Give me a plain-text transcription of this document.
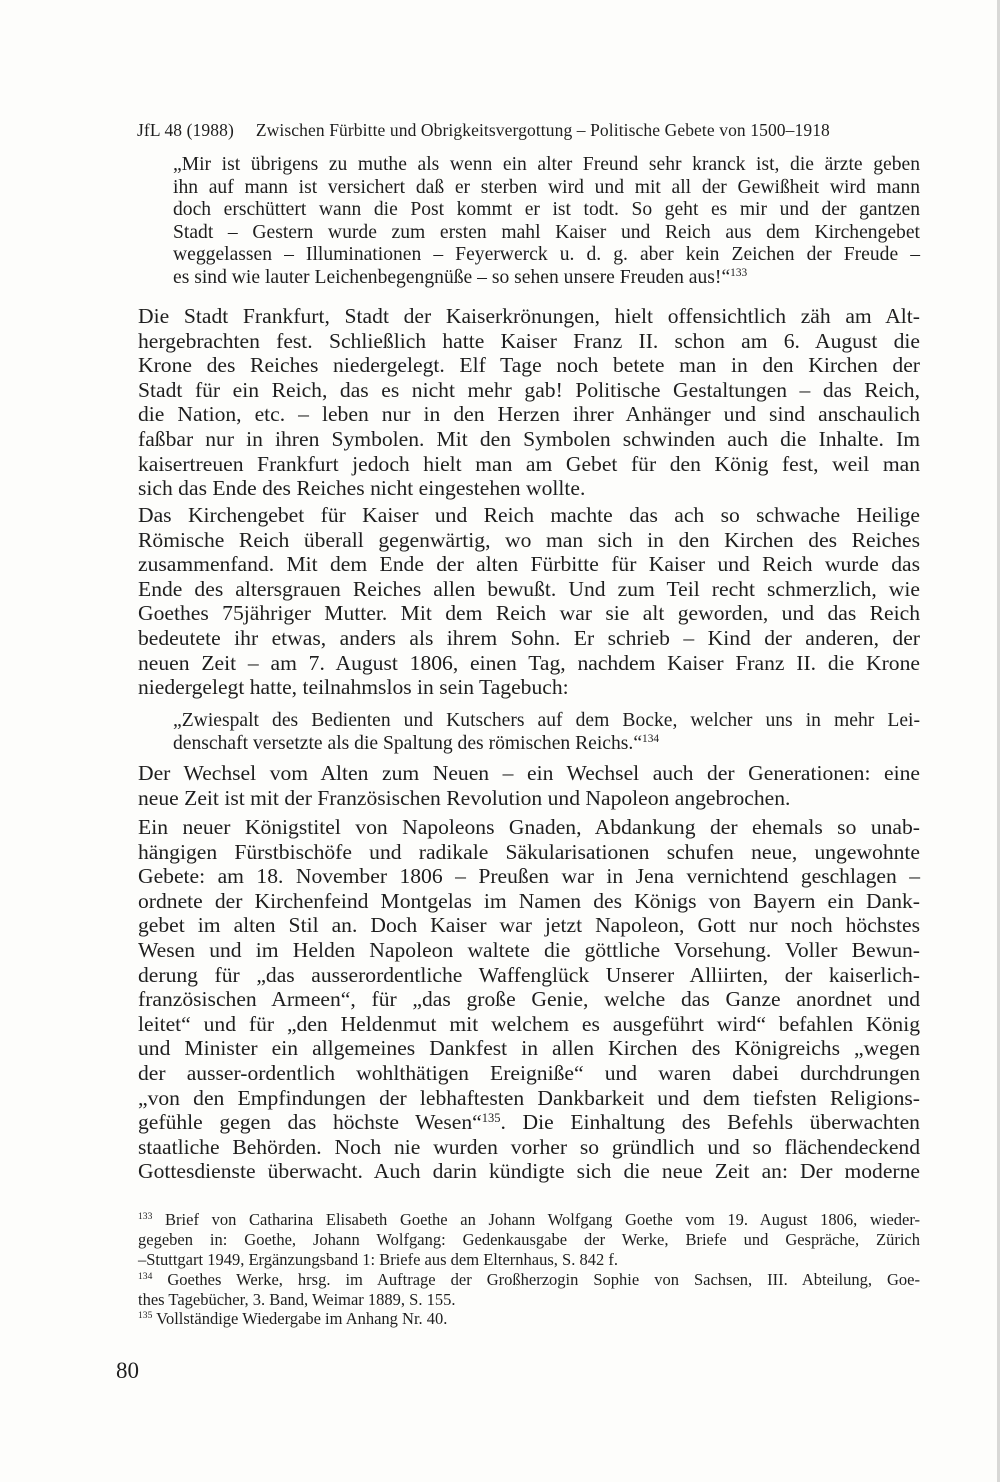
JfL 48 (1988) Zwischen Fürbitte und Obrigkeitsvergottung – Politische Gebete von 1500–1918
„Mir ist übrigens zu muthe als wenn ein alter Freund sehr kranck ist, die ärzte geben
ihn auf mann ist versichert daß er sterben wird und mit all der Gewißheit wird mann
doch erschüttert wann die Post kommt er ist todt. So geht es mir und der gantzen
Stadt – Gestern wurde zum ersten mahl Kaiser und Reich aus dem Kirchengebet
weggelassen – Illuminationen – Feyerwerck u. d. g. aber kein Zeichen der Freude –
es sind wie lauter Leichenbegengnüße – so sehen unsere Freuden aus!“$^{133}$
Die Stadt Frankfurt, Stadt der Kaiserkrönungen, hielt offensichtlich zäh am Alt-
hergebrachten fest. Schließlich hatte Kaiser Franz II. schon am 6. August die
Krone des Reiches niedergelegt. Elf Tage noch betete man in den Kirchen der
Stadt für ein Reich, das es nicht mehr gab! Politische Gestaltungen – das Reich,
die Nation, etc. – leben nur in den Herzen ihrer Anhänger und sind anschaulich
faßbar nur in ihren Symbolen. Mit den Symbolen schwinden auch die Inhalte. Im
kaisertreuen Frankfurt jedoch hielt man am Gebet für den König fest, weil man
sich das Ende des Reiches nicht eingestehen wollte.
Das Kirchengebet für Kaiser und Reich machte das ach so schwache Heilige
Römische Reich überall gegenwärtig, wo man sich in den Kirchen des Reiches
zusammenfand. Mit dem Ende der alten Fürbitte für Kaiser und Reich wurde das
Ende des altersgrauen Reiches allen bewußt. Und zum Teil recht schmerzlich, wie
Goethes 75jähriger Mutter. Mit dem Reich war sie alt geworden, und das Reich
bedeutete ihr etwas, anders als ihrem Sohn. Er schrieb – Kind der anderen, der
neuen Zeit – am 7. August 1806, einen Tag, nachdem Kaiser Franz II. die Krone
niedergelegt hatte, teilnahmslos in sein Tagebuch:
„Zwiespalt des Bedienten und Kutschers auf dem Bocke, welcher uns in mehr Lei-
denschaft versetzte als die Spaltung des römischen Reichs.“$^{134}$
Der Wechsel vom Alten zum Neuen – ein Wechsel auch der Generationen: eine
neue Zeit ist mit der Französischen Revolution und Napoleon angebrochen.
Ein neuer Königstitel von Napoleons Gnaden, Abdankung der ehemals so unab-
hängigen Fürstbischöfe und radikale Säkularisationen schufen neue, ungewohnte
Gebete: am 18. November 1806 – Preußen war in Jena vernichtend geschlagen –
ordnete der Kirchenfeind Montgelas im Namen des Königs von Bayern ein Dank-
gebet im alten Stil an. Doch Kaiser war jetzt Napoleon, Gott nur noch höchstes
Wesen und im Helden Napoleon waltete die göttliche Vorsehung. Voller Bewun-
derung für „das ausserordentliche Waffenglück Unserer Alliirten, der kaiserlich-
französischen Armeen“, für „das große Genie, welche das Ganze anordnet und
leitet“ und für „den Heldenmut mit welchem es ausgeführt wird“ befahlen König
und Minister ein allgemeines Dankfest in allen Kirchen des Königreichs „wegen
der ausser-ordentlich wohlthätigen Ereigniße“ und waren dabei durchdrungen
„von den Empfindungen der lebhaftesten Dankbarkeit und dem tiefsten Religions-
gefühle gegen das höchste Wesen“$^{135}$. Die Einhaltung des Befehls überwachten
staatliche Behörden. Noch nie wurden vorher so gründlich und so flächendeckend
Gottesdienste überwacht. Auch darin kündigte sich die neue Zeit an: Der moderne
$^{133}$ Brief von Catharina Elisabeth Goethe an Johann Wolfgang Goethe vom 19. August 1806, wieder-
gegeben in: Goethe, Johann Wolfgang: Gedenkausgabe der Werke, Briefe und Gespräche, Zürich
–Stuttgart 1949, Ergänzungsband 1: Briefe aus dem Elternhaus, S. 842 f.
$^{134}$ Goethes Werke, hrsg. im Auftrage der Großherzogin Sophie von Sachsen, III. Abteilung, Goe-
thes Tagebücher, 3. Band, Weimar 1889, S. 155.
$^{135}$ Vollständige Wiedergabe im Anhang Nr. 40.
80
